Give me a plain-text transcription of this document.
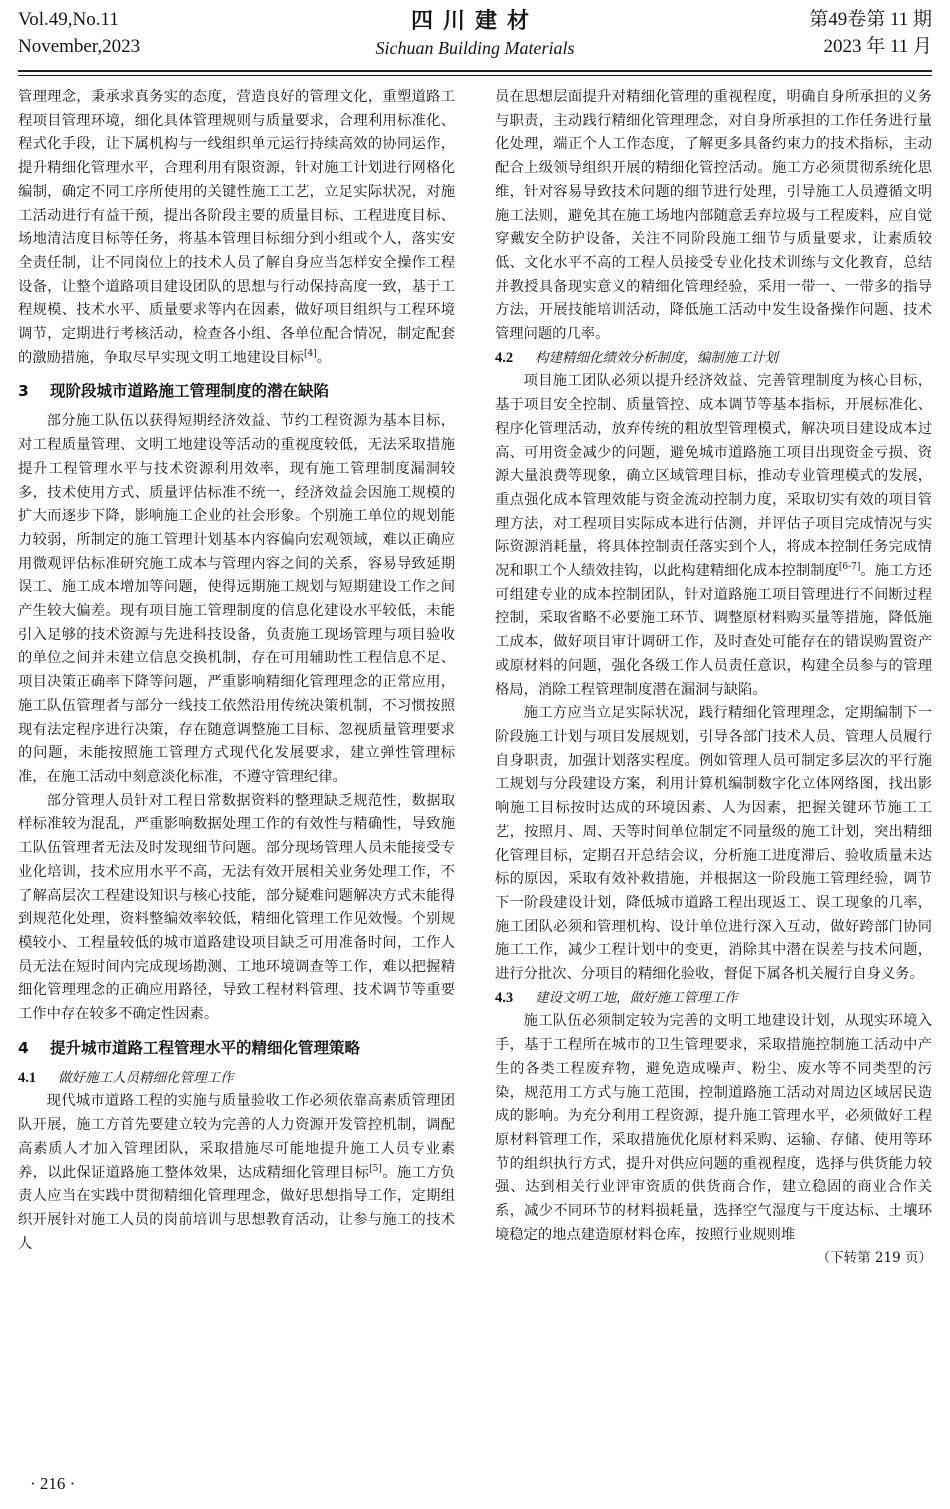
Vol.49,No.11
November,2023
四川建材
Sichuan Building Materials
第49卷第 11 期
2023 年 11 月

管理理念，秉承求真务实的态度，营造良好的管理文化，重塑道路工程项目管理环境，细化具体管理规则与质量要求，合理利用标准化、程式化手段，让下属机构与一线组织单元运行持续高效的协同运作，提升精细化管理水平，合理利用有限资源，针对施工计划进行网格化编制，确定不同工序所使用的关键性施工工艺，立足实际状况，对施工活动进行有益干预，提出各阶段主要的质量目标、工程进度目标、场地清洁度目标等任务，将基本管理目标细分到小组或个人，落实安全责任制，让不同岗位上的技术人员了解自身应当怎样安全操作工程设备，让整个道路项目建设团队的思想与行动保持高度一致，基于工程规模、技术水平、质量要求等内在因素，做好项目组织与工程环境调节，定期进行考核活动，检查各小组、各单位配合情况，制定配套的激励措施，争取尽早实现文明工地建设目标[4]。

3 现阶段城市道路施工管理制度的潜在缺陷

部分施工队伍以获得短期经济效益、节约工程资源为基本目标，对工程质量管理、文明工地建设等活动的重视度较低，无法采取措施提升工程管理水平与技术资源利用效率，现有施工管理制度漏洞较多，技术使用方式、质量评估标准不统一，经济效益会因施工规模的扩大而逐步下降，影响施工企业的社会形象。个别施工单位的规划能力较弱，所制定的施工管理计划基本内容偏向宏观领域，难以正确应用微观评估标准研究施工成本与管理内容之间的关系，容易导致延期误工、施工成本增加等问题，使得远期施工规划与短期建设工作之间产生较大偏差。现有项目施工管理制度的信息化建设水平较低，未能引入足够的技术资源与先进科技设备，负责施工现场管理与项目验收的单位之间并未建立信息交换机制，存在可用辅助性工程信息不足、项目决策正确率下降等问题，严重影响精细化管理理念的正常应用，施工队伍管理者与部分一线技工依然沿用传统决策机制，不习惯按照现有法定程序进行决策，存在随意调整施工目标、忽视质量管理要求的问题，未能按照施工管理方式现代化发展要求，建立弹性管理标准，在施工活动中刻意淡化标准，不遵守管理纪律。

部分管理人员针对工程日常数据资料的整理缺乏规范性，数据取样标准较为混乱，严重影响数据处理工作的有效性与精确性，导致施工队伍管理者无法及时发现细节问题。部分现场管理人员未能接受专业化培训，技术应用水平不高，无法有效开展相关业务处理工作，不了解高层次工程建设知识与核心技能，部分疑难问题解决方式未能得到规范化处理，资料整编效率较低，精细化管理工作见效慢。个别规模较小、工程量较低的城市道路建设项目缺乏可用准备时间，工作人员无法在短时间内完成现场勘测、工地环境调查等工作，难以把握精细化管理理念的正确应用路径，导致工程材料管理、技术调节等重要工作中存在较多不确定性因素。

4 提升城市道路工程管理水平的精细化管理策略
4.1 做好施工人员精细化管理工作

现代城市道路工程的实施与质量验收工作必须依靠高素质管理团队开展，施工方首先要建立较为完善的人力资源开发管控机制，调配高素质人才加入管理团队，采取措施尽可能地提升施工人员专业素养，以此保证道路施工整体效果，达成精细化管理目标[5]。施工方负责人应当在实践中贯彻精细化管理理念，做好思想指导工作，定期组织开展针对施工人员的岗前培训与思想教育活动，让参与施工的技术人

员在思想层面提升对精细化管理的重视程度，明确自身所承担的义务与职责，主动践行精细化管理理念，对自身所承担的工作任务进行量化处理，端正个人工作态度，了解更多具备约束力的技术指标，主动配合上级领导组织开展的精细化管控活动。施工方必须贯彻系统化思维，针对容易导致技术问题的细节进行处理，引导施工人员遵循文明施工法则，避免其在施工场地内部随意丢弃垃圾与工程废料，应自觉穿戴安全防护设备，关注不同阶段施工细节与质量要求，让素质较低、文化水平不高的工程人员接受专业化技术训练与文化教育，总结并教授具备现实意义的精细化管理经验，采用一带一、一带多的指导方法，开展技能培训活动，降低施工活动中发生设备操作问题、技术管理问题的几率。

4.2 构建精细化绩效分析制度，编制施工计划

项目施工团队必须以提升经济效益、完善管理制度为核心目标，基于项目安全控制、质量管控、成本调节等基本指标，开展标准化、程序化管理活动，放弃传统的粗放型管理模式，解决项目建设成本过高、可用资金减少的问题，避免城市道路施工项目出现资金亏损、资源大量浪费等现象，确立区域管理目标，推动专业管理模式的发展，重点强化成本管理效能与资金流动控制力度，采取切实有效的项目管理方法，对工程项目实际成本进行估测，并评估子项目完成情况与实际资源消耗量，将具体控制责任落实到个人，将成本控制任务完成情况和职工个人绩效挂钩，以此构建精细化成本控制制度[6-7]。施工方还可组建专业的成本控制团队，针对道路施工项目管理进行不间断过程控制，采取省略不必要施工环节、调整原材料购买量等措施，降低施工成本，做好项目审计调研工作，及时查处可能存在的错误购置资产或原材料的问题，强化各级工作人员责任意识，构建全员参与的管理格局，消除工程管理制度潜在漏洞与缺陷。

施工方应当立足实际状况，践行精细化管理理念，定期编制下一阶段施工计划与项目发展规划，引导各部门技术人员、管理人员履行自身职责，加强计划落实程度。例如管理人员可制定多层次的平行施工规划与分段建设方案，利用计算机编制数字化立体网络图，找出影响施工目标按时达成的环境因素、人为因素，把握关键环节施工工艺，按照月、周、天等时间单位制定不同量级的施工计划，突出精细化管理目标，定期召开总结会议，分析施工进度滞后、验收质量未达标的原因，采取有效补救措施，并根据这一阶段施工管理经验，调节下一阶段建设计划，降低城市道路工程出现返工、误工现象的几率，施工团队必须和管理机构、设计单位进行深入互动，做好跨部门协同施工工作，减少工程计划中的变更，消除其中潜在误差与技术问题，进行分批次、分项目的精细化验收，督促下属各机关履行自身义务。

4.3 建设文明工地，做好施工管理工作

施工队伍必须制定较为完善的文明工地建设计划，从现实环境入手，基于工程所在城市的卫生管理要求，采取措施控制施工活动中产生的各类工程废弃物，避免造成噪声、粉尘、废水等不同类型的污染，规范用工方式与施工范围，控制道路施工活动对周边区域居民造成的影响。为充分利用工程资源，提升施工管理水平，必须做好工程原材料管理工作，采取措施优化原材料采购、运输、存储、使用等环节的组织执行方式，提升对供应问题的重视程度，选择与供货能力较强、达到相关行业评审资质的供货商合作，建立稳固的商业合作关系，减少不同环节的材料损耗量，选择空气湿度与干度达标、土壤环境稳定的地点建造原材料仓库，按照行业规则堆

（下转第 219 页）
· 216 ·
